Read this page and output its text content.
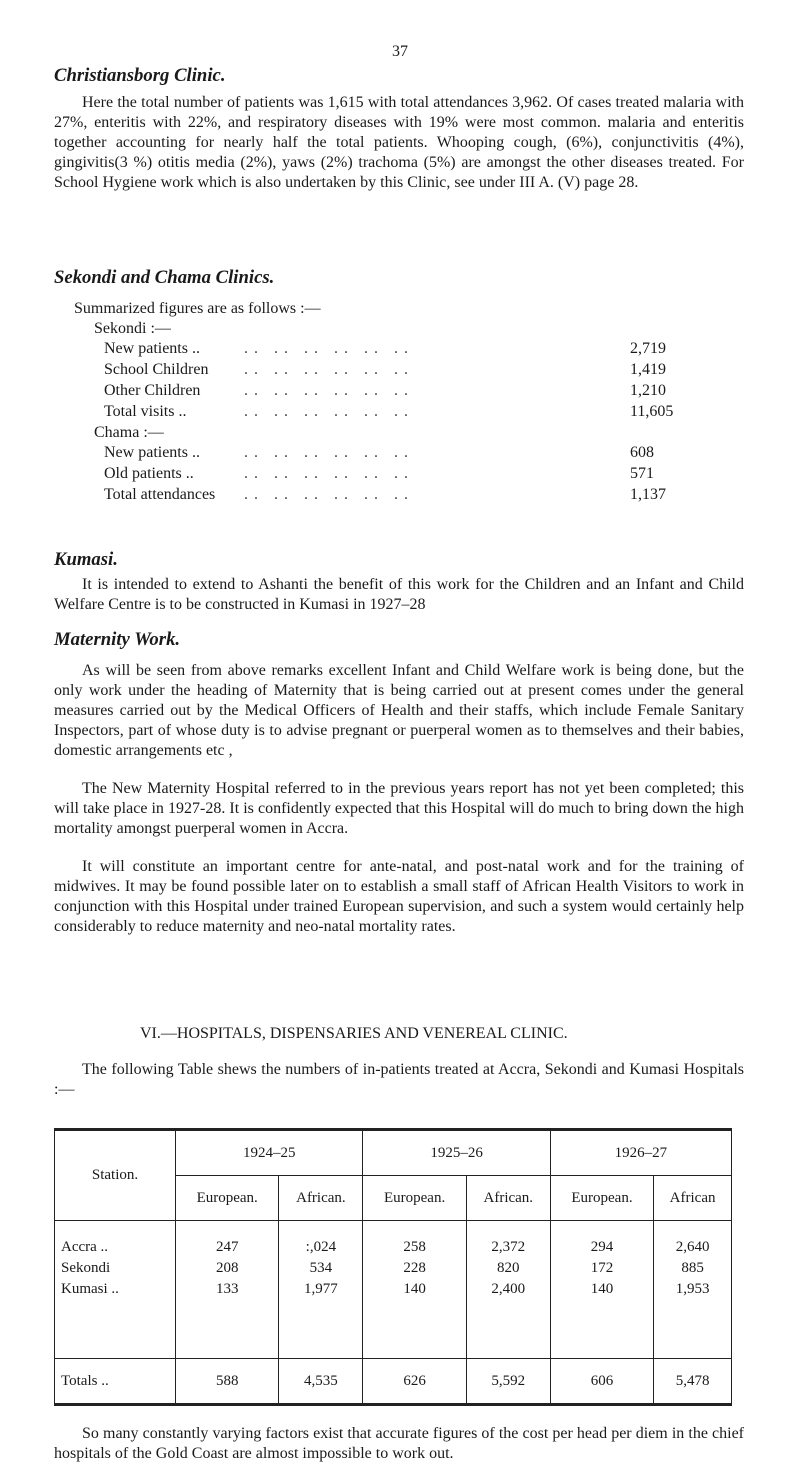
37
Christiansborg Clinic.

Here the total number of patients was 1,615 with total attendances 3,962. Of cases treated malaria with 27%, enteritis with 22%, and respiratory diseases with 19% were most common. malaria and enteritis together accounting for nearly half the total patients. Whooping cough, (6%), conjunctivitis (4%), gingivitis(3 %) otitis media (2%), yaws (2%) trachoma (5%) are amongst the other diseases treated. For School Hygiene work which is also undertaken by this Clinic, see under III A. (V) page 28.

Sekondi and Chama Clinics.
Summarized figures are as follows :—
Sekondi :—
New patients ..	.. .. .. .. .. ..	2,719
School Children .. .. .. .. .. ..	1,419
Other Children	.. .. .. .. .. ..	1,210
Total visits ..	.. .. .. .. .. ..	11,605
Chama :—
New patients ..	.. .. .. .. .. ..	608
Old patients ..	.. .. .. .. .. ..	571
Total attendances .. .. .. .. .. ..	1,137
Kumasi.

It is intended to extend to Ashanti the benefit of this work for the Children and an Infant and Child Welfare Centre is to be constructed in Kumasi in 1927–28

Maternity Work.

As will be seen from above remarks excellent Infant and Child Welfare work is being done, but the only work under the heading of Maternity that is being carried out at present comes under the general measures carried out by the Medical Officers of Health and their staffs, which include Female Sanitary Inspectors, part of whose duty is to advise pregnant or puerperal women as to themselves and their babies, domestic arrangements etc ,

The New Maternity Hospital referred to in the previous years report has not yet been completed; this will take place in 1927-28. It is confidently expected that this Hospital will do much to bring down the high mortality amongst puerperal women in Accra.

It will constitute an important centre for ante-natal, and post-natal work and for the training of midwives. It may be found possible later on to establish a small staff of African Health Visitors to work in conjunction with this Hospital under trained European supervision, and such a system would certainly help considerably to reduce maternity and neo-natal mortality rates.

VI.—HOSPITALS, DISPENSARIES AND VENEREAL CLINIC.

The following Table shews the numbers of in-patients treated at Accra, Sekondi and Kumasi Hospitals :—

Station.	1924–25		1925–26		1926–27	
	European.	African.	European.	African.	European.	African
Accra ..	247	:,024	258	2,372	294	2,640
Sekondi	208	534	228	820	172	885
Kumasi ..	133	1,977	140	2,400	140	1,953
Totals ..	588	4,535	626	5,592	606	5,478

So many constantly varying factors exist that accurate figures of the cost per head per diem in the chief hospitals of the Gold Coast are almost impossible to work out.
